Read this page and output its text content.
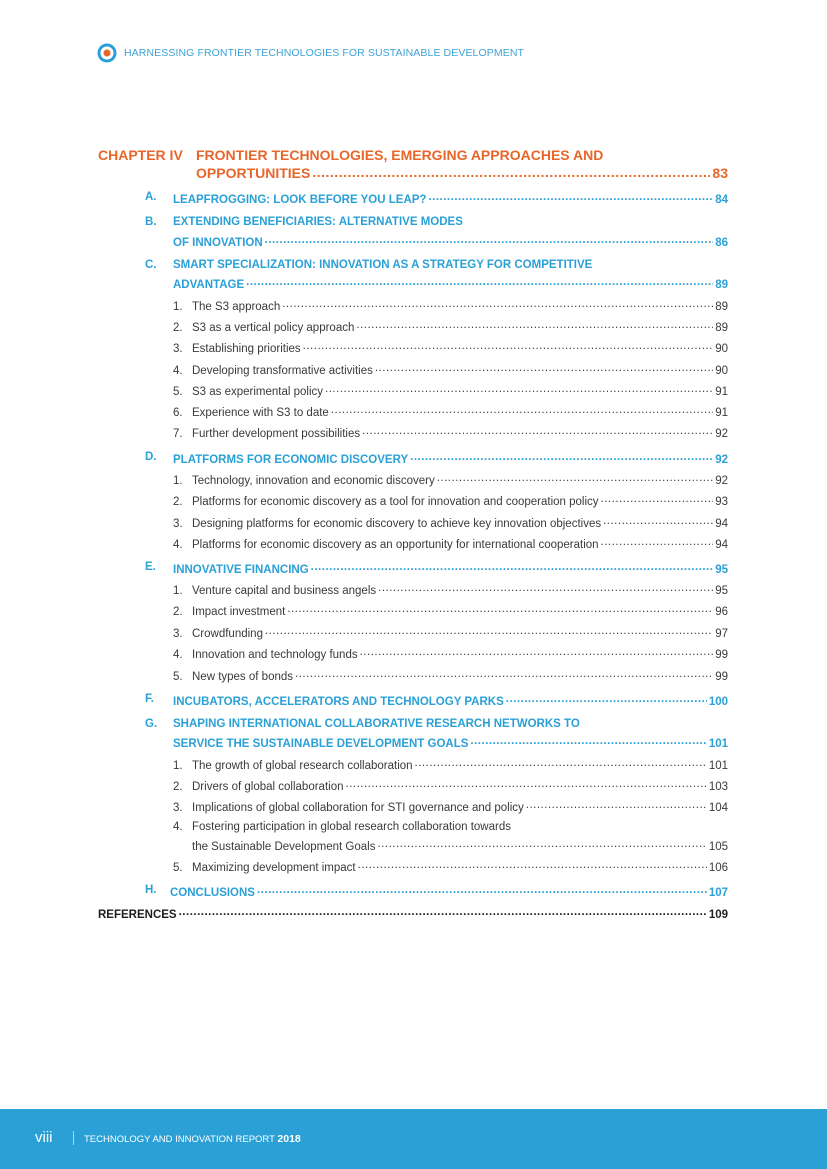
HARNESSING FRONTIER TECHNOLOGIES FOR SUSTAINABLE DEVELOPMENT
CHAPTER IV FRONTIER TECHNOLOGIES, EMERGING APPROACHES AND
OPPORTUNITIES .....	83
A. LEAPFROGGING: LOOK BEFORE YOU LEAP? .....	84
B. EXTENDING BENEFICIARIES: ALTERNATIVE MODES
OF INNOVATION .....	86
C. SMART SPECIALIZATION: INNOVATION AS A STRATEGY FOR COMPETITIVE
ADVANTAGE .....	89
1. The S3 approach .....	89
2. S3 as a vertical policy approach .....	89
3. Establishing priorities .....	90
4. Developing transformative activities .....	90
5. S3 as experimental policy .....	91
6. Experience with S3 to date .....	91
7. Further development possibilities .....	92
D. PLATFORMS FOR ECONOMIC DISCOVERY .....	92
1. Technology, innovation and economic discovery .....	92
2. Platforms for economic discovery as a tool for innovation and cooperation policy .....	93
3. Designing platforms for economic discovery to achieve key innovation objectives .....	94
4. Platforms for economic discovery as an opportunity for international cooperation .....	94
E. INNOVATIVE FINANCING .....	95
1. Venture capital and business angels .....	95
2. Impact investment .....	96
3. Crowdfunding .....	97
4. Innovation and technology funds .....	99
5. New types of bonds .....	99
F. INCUBATORS, ACCELERATORS AND TECHNOLOGY PARKS .....	100
G. SHAPING INTERNATIONAL COLLABORATIVE RESEARCH NETWORKS TO
SERVICE THE SUSTAINABLE DEVELOPMENT GOALS .....	101
1. The growth of global research collaboration .....	101
2. Drivers of global collaboration .....	103
3. Implications of global collaboration for STI governance and policy .....	104
4. Fostering participation in global research collaboration towards
the Sustainable Development Goals .....	105
5. Maximizing development impact .....	106
H. CONCLUSIONS .....	107
REFERENCES .....	109
viii	TECHNOLOGY AND INNOVATION REPORT 2018
